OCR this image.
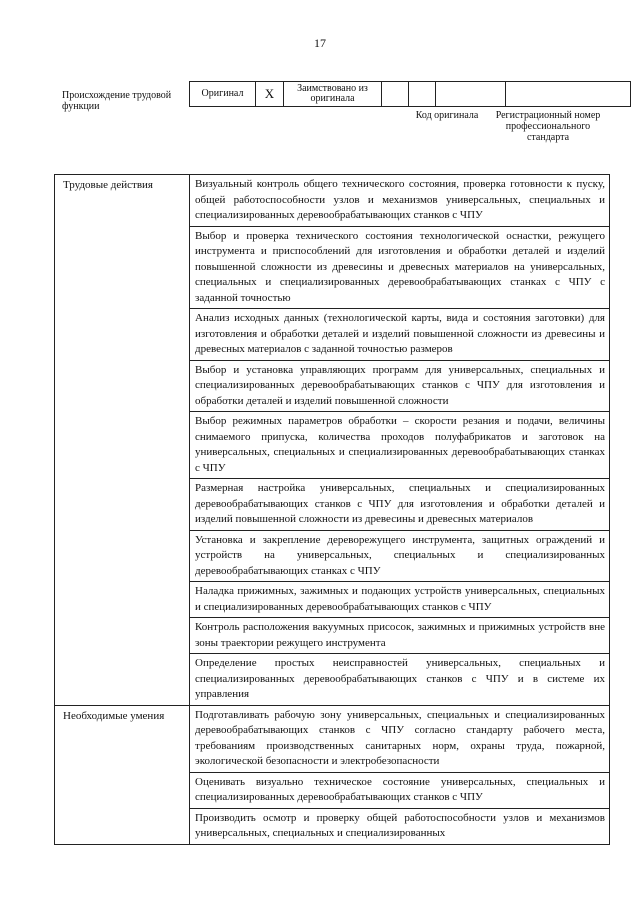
17
Происхождение трудовой функции
Оригинал	X	Заимствовано из оригинала				
Код оригинала	Регистрационный номер профессионального стандарта
Трудовые действия	Визуальный контроль общего технического состояния, проверка готовности к пуску, общей работоспособности узлов и механизмов универсальных, специальных и специализированных деревообрабатывающих станков с ЧПУ
	Выбор и проверка технического состояния технологической оснастки, режущего инструмента и приспособлений для изготовления и обработки деталей и изделий повышенной сложности из древесины и древесных материалов на универсальных, специальных и специализированных деревообрабатывающих станках с ЧПУ с заданной точностью
	Анализ исходных данных (технологической карты, вида и состояния заготовки) для изготовления и обработки деталей и изделий повышенной сложности из древесины и древесных материалов с заданной точностью размеров
	Выбор и установка управляющих программ для универсальных, специальных и специализированных деревообрабатывающих станков с ЧПУ для изготовления и обработки деталей и изделий повышенной сложности
	Выбор режимных параметров обработки – скорости резания и подачи, величины снимаемого припуска, количества проходов полуфабрикатов и заготовок на универсальных, специальных и специализированных деревообрабатывающих станках с ЧПУ
	Размерная настройка универсальных, специальных и специализированных деревообрабатывающих станков с ЧПУ для изготовления и обработки деталей и изделий повышенной сложности из древесины и древесных материалов
	Установка и закрепление дереворежущего инструмента, защитных ограждений и устройств на универсальных, специальных и специализированных деревообрабатывающих станках с ЧПУ
	Наладка прижимных, зажимных и подающих устройств универсальных, специальных и специализированных деревообрабатывающих станков с ЧПУ
	Контроль расположения вакуумных присосок, зажимных и прижимных устройств вне зоны траектории режущего инструмента
	Определение простых неисправностей универсальных, специальных и специализированных деревообрабатывающих станков с ЧПУ и в системе их управления
Необходимые умения	Подготавливать рабочую зону универсальных, специальных и специализированных деревообрабатывающих станков с ЧПУ согласно стандарту рабочего места, требованиям производственных санитарных норм, охраны труда, пожарной, экологической безопасности и электробезопасности
	Оценивать визуально техническое состояние универсальных, специальных и специализированных деревообрабатывающих станков с ЧПУ
	Производить осмотр и проверку общей работоспособности узлов и механизмов универсальных, специальных и специализированных
